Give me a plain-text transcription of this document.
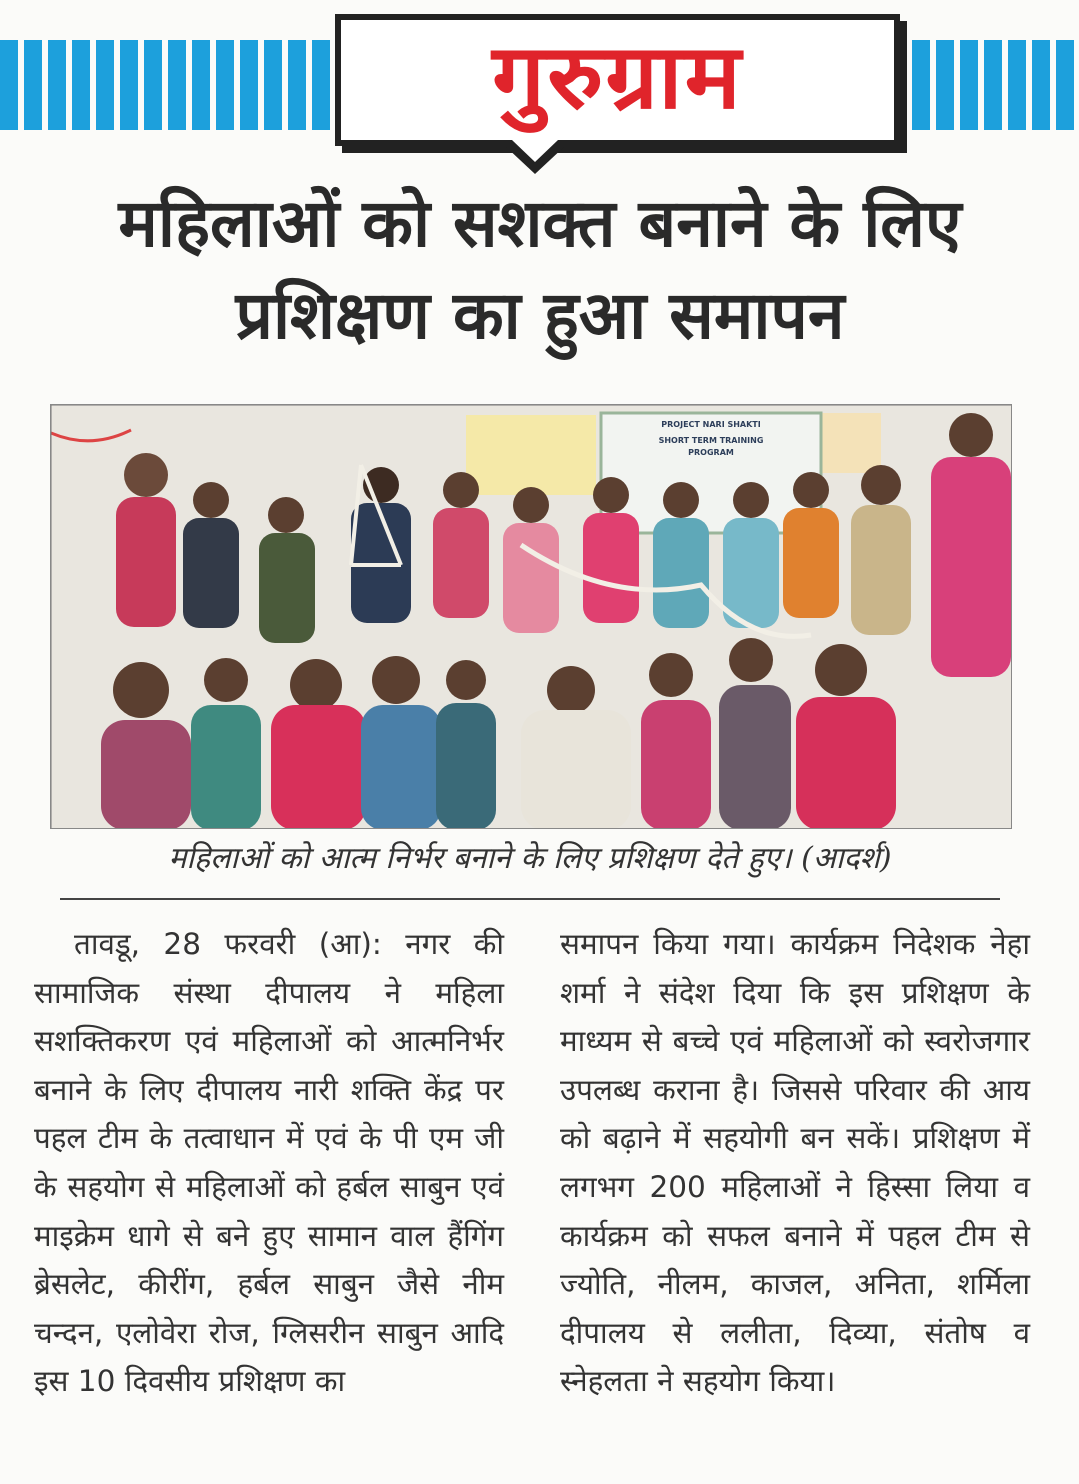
गुरुग्राम
महिलाओं को सशक्त बनाने के लिए प्रशिक्षण का हुआ समापन
PROJECT NARI SHAKTI
SHORT TERM TRAINING
PROGRAM

महिलाओं को आत्म निर्भर बनाने के लिए प्रशिक्षण देते हुए। (आदर्श)

तावडू, 28 फरवरी (आ): नगर की सामाजिक संस्था दीपालय ने महिला सशक्तिकरण एवं महिलाओं को आत्मनिर्भर बनाने के लिए दीपालय नारी शक्ति केंद्र पर पहल टीम के तत्वाधान में एवं के पी एम जी के सहयोग से महिलाओं को हर्बल साबुन एवं माइक्रेम धागे से बने हुए सामान वाल हैंगिंग ब्रेसलेट, कीरींग, हर्बल साबुन जैसे नीम चन्दन, एलोवेरा रोज, ग्लिसरीन साबुन आदि इस 10 दिवसीय प्रशिक्षण का

समापन किया गया। कार्यक्रम निदेशक नेहा शर्मा ने संदेश दिया कि इस प्रशिक्षण के माध्यम से बच्चे एवं महिलाओं को स्वरोजगार उपलब्ध कराना है। जिससे परिवार की आय को बढ़ाने में सहयोगी बन सकें। प्रशिक्षण में लगभग 200 महिलाओं ने हिस्सा लिया व कार्यक्रम को सफल बनाने में पहल टीम से ज्योति, नीलम, काजल, अनिता, शर्मिला दीपालय से ललीता, दिव्या, संतोष व स्नेहलता ने सहयोग किया।
